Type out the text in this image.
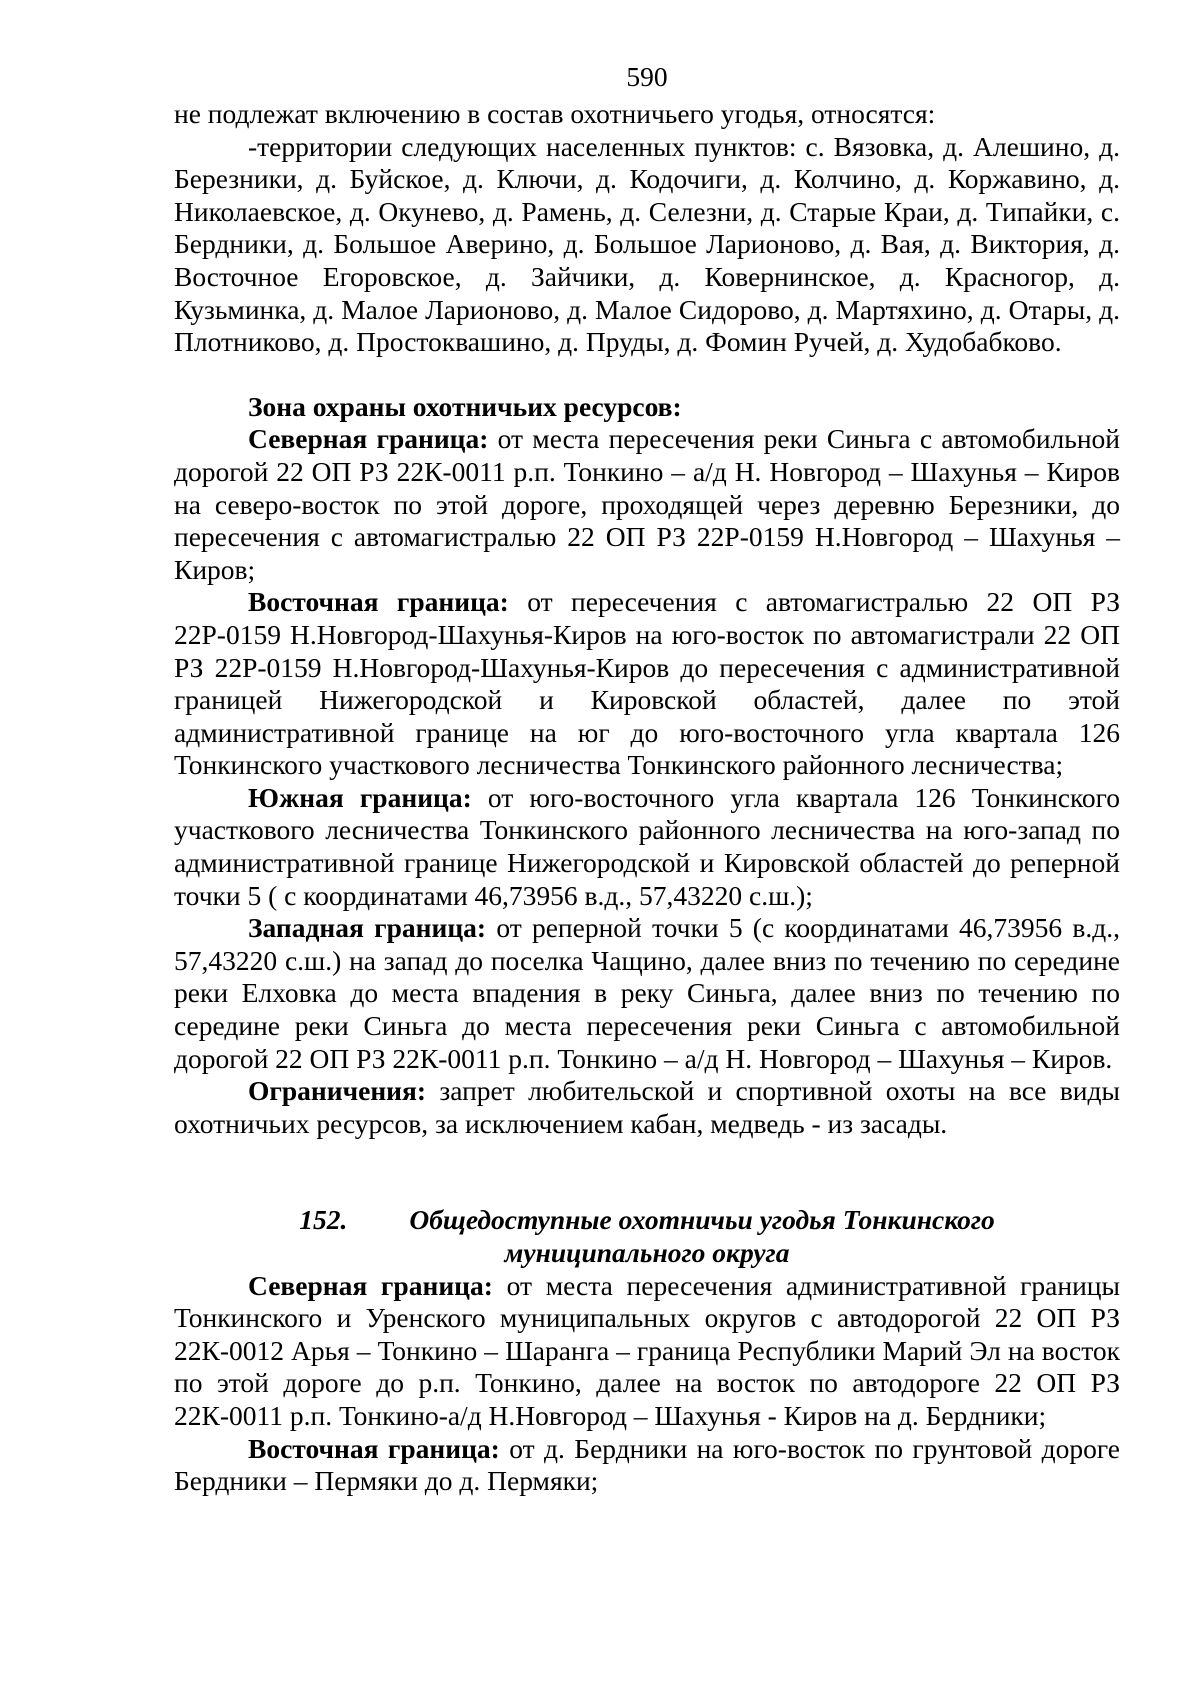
590

не подлежат включению в состав охотничьего угодья, относятся:

-территории следующих населенных пунктов: с. Вязовка, д. Алешино, д. Березники, д. Буйское, д. Ключи, д. Кодочиги, д. Колчино, д. Коржавино, д. Николаевское, д. Окунево, д. Рамень, д. Селезни, д. Старые Краи, д. Типайки, с. Бердники, д. Большое Аверино, д. Большое Ларионово, д. Вая, д. Виктория, д. Восточное Егоровское, д. Зайчики, д. Ковернинское, д. Красногор, д. Кузьминка, д. Малое Ларионово, д. Малое Сидорово, д. Мартяхино, д. Отары, д. Плотниково, д. Простоквашино, д. Пруды, д. Фомин Ручей, д. Худобабково.

Зона охраны охотничьих ресурсов:

Северная граница: от места пересечения реки Синьга с автомобильной дорогой 22 ОП РЗ 22К-0011 р.п. Тонкино – а/д Н. Новгород – Шахунья – Киров на северо-восток по этой дороге, проходящей через деревню Березники, до пересечения с автомагистралью 22 ОП РЗ 22Р-0159 Н.Новгород – Шахунья – Киров;

Восточная граница: от пересечения с автомагистралью 22 ОП РЗ 22Р-0159 Н.Новгород-Шахунья-Киров на юго-восток по автомагистрали 22 ОП РЗ 22Р-0159 Н.Новгород-Шахунья-Киров до пересечения с административной границей Нижегородской и Кировской областей, далее по этой административной границе на юг до юго-восточного угла квартала 126 Тонкинского участкового лесничества Тонкинского районного лесничества;

Южная граница: от юго-восточного угла квартала 126 Тонкинского участкового лесничества Тонкинского районного лесничества на юго-запад по административной границе Нижегородской и Кировской областей до реперной точки 5 ( с координатами 46,73956 в.д., 57,43220 с.ш.);

Западная граница: от реперной точки 5 (с координатами 46,73956 в.д., 57,43220 с.ш.) на запад до поселка Чащино, далее вниз по течению по середине реки Елховка до места впадения в реку Синьга, далее вниз по течению по середине реки Синьга до места пересечения реки Синьга с автомобильной дорогой 22 ОП РЗ 22К-0011 р.п. Тонкино – а/д Н. Новгород – Шахунья – Киров.

Ограничения: запрет любительской и спортивной охоты на все виды охотничьих ресурсов, за исключением кабан, медведь - из засады.

152. Общедоступные охотничьи угодья Тонкинского
муниципального округа

Северная граница: от места пересечения административной границы Тонкинского и Уренского муниципальных округов с автодорогой 22 ОП РЗ 22К-0012 Арья – Тонкино – Шаранга – граница Республики Марий Эл на восток по этой дороге до р.п. Тонкино, далее на восток по автодороге 22 ОП РЗ 22К-0011 р.п. Тонкино-а/д Н.Новгород – Шахунья - Киров на д. Бердники;

Восточная граница: от д. Бердники на юго-восток по грунтовой дороге Бердники – Пермяки до д. Пермяки;
